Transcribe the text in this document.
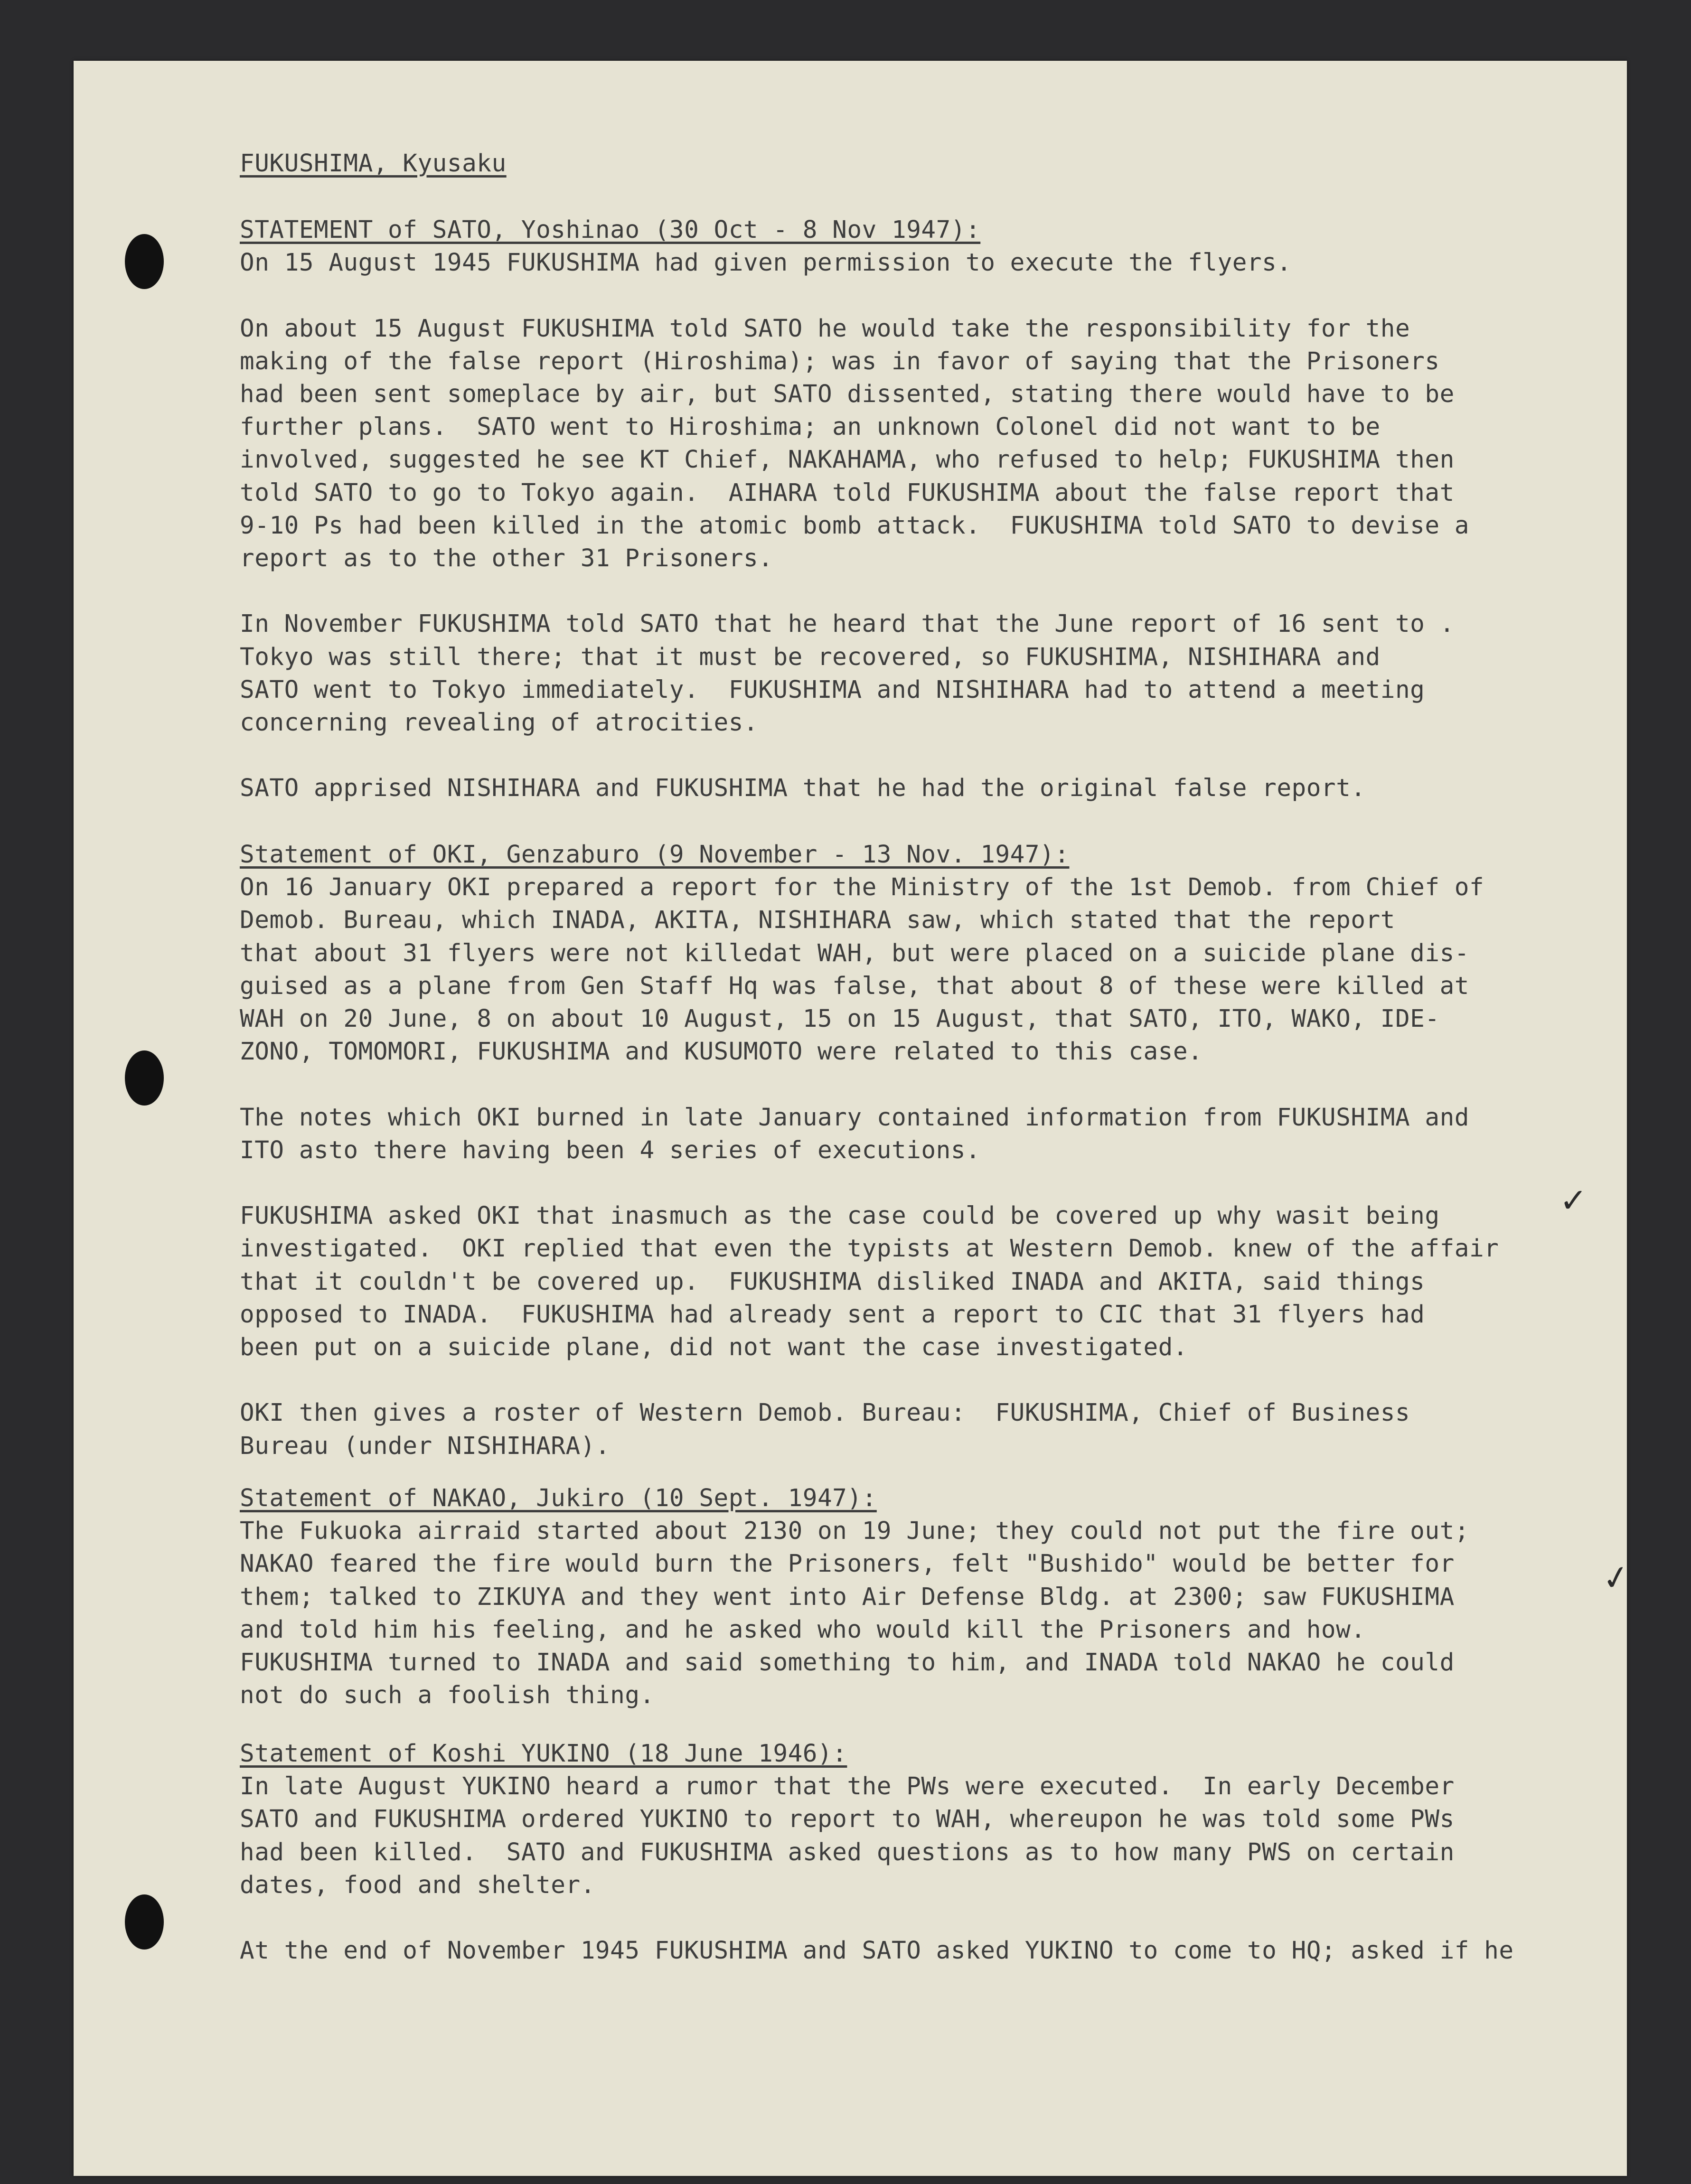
✓
✓
FUKUSHIMA, Kyusaku
STATEMENT of SATO, Yoshinao (30 Oct - 8 Nov 1947):
On 15 August 1945 FUKUSHIMA had given permission to execute the flyers.
On about 15 August FUKUSHIMA told SATO he would take the responsibility for the
making of the false report (Hiroshima); was in favor of saying that the Prisoners
had been sent someplace by air, but SATO dissented, stating there would have to be
further plans.  SATO went to Hiroshima; an unknown Colonel did not want to be
involved, suggested he see KT Chief, NAKAHAMA, who refused to help; FUKUSHIMA then
told SATO to go to Tokyo again.  AIHARA told FUKUSHIMA about the false report that
9-10 Ps had been killed in the atomic bomb attack.  FUKUSHIMA told SATO to devise a
report as to the other 31 Prisoners.
In November FUKUSHIMA told SATO that he heard that the June report of 16 sent to .
Tokyo was still there; that it must be recovered, so FUKUSHIMA, NISHIHARA and
SATO went to Tokyo immediately.  FUKUSHIMA and NISHIHARA had to attend a meeting
concerning revealing of atrocities.
SATO apprised NISHIHARA and FUKUSHIMA that he had the original false report.
Statement of OKI, Genzaburo (9 November - 13 Nov. 1947):
On 16 January OKI prepared a report for the Ministry of the 1st Demob. from Chief of
Demob. Bureau, which INADA, AKITA, NISHIHARA saw, which stated that the report
that about 31 flyers were not killedat WAH, but were placed on a suicide plane dis-
guised as a plane from Gen Staff Hq was false, that about 8 of these were killed at
WAH on 20 June, 8 on about 10 August, 15 on 15 August, that SATO, ITO, WAKO, IDE-
ZONO, TOMOMORI, FUKUSHIMA and KUSUMOTO were related to this case.
The notes which OKI burned in late January contained information from FUKUSHIMA and
ITO asto there having been 4 series of executions.
FUKUSHIMA asked OKI that inasmuch as the case could be covered up why wasit being
investigated.  OKI replied that even the typists at Western Demob. knew of the affair
that it couldn't be covered up.  FUKUSHIMA disliked INADA and AKITA, said things
opposed to INADA.  FUKUSHIMA had already sent a report to CIC that 31 flyers had
been put on a suicide plane, did not want the case investigated.
OKI then gives a roster of Western Demob. Bureau:  FUKUSHIMA, Chief of Business
Bureau (under NISHIHARA).
Statement of NAKAO, Jukiro (10 Sept. 1947):
The Fukuoka airraid started about 2130 on 19 June; they could not put the fire out;
NAKAO feared the fire would burn the Prisoners, felt "Bushido" would be better for
them; talked to ZIKUYA and they went into Air Defense Bldg. at 2300; saw FUKUSHIMA
and told him his feeling, and he asked who would kill the Prisoners and how.
FUKUSHIMA turned to INADA and said something to him, and INADA told NAKAO he could
not do such a foolish thing.
Statement of Koshi YUKINO (18 June 1946):
In late August YUKINO heard a rumor that the PWs were executed.  In early December
SATO and FUKUSHIMA ordered YUKINO to report to WAH, whereupon he was told some PWs
had been killed.  SATO and FUKUSHIMA asked questions as to how many PWS on certain
dates, food and shelter.
At the end of November 1945 FUKUSHIMA and SATO asked YUKINO to come to HQ; asked if he
